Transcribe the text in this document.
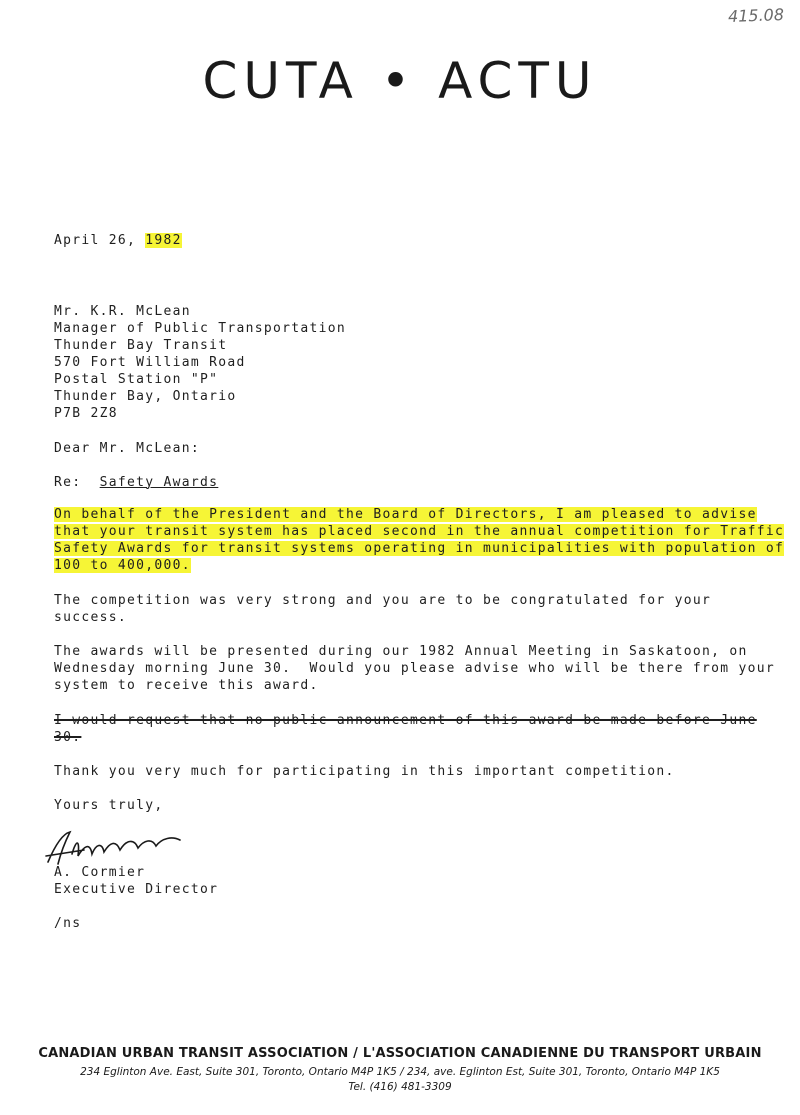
415.08
CUTA • ACTU
April 26, 1982
Mr. K.R. McLean
Manager of Public Transportation
Thunder Bay Transit
570 Fort William Road
Postal Station "P"
Thunder Bay, Ontario
P7B 2Z8
Dear Mr. McLean:
Re: Safety Awards
On behalf of the President and the Board of Directors, I am pleased to advise
that your transit system has placed second in the annual competition for Traffic
Safety Awards for transit systems operating in municipalities with population of
100 to 400,000.
The competition was very strong and you are to be congratulated for your
success.
The awards will be presented during our 1982 Annual Meeting in Saskatoon, on
Wednesday morning June 30.  Would you please advise who will be there from your
system to receive this award.
I would request that no public announcement of this award be made before June
30.
Thank you very much for participating in this important competition.
Yours truly,
A. Cormier
Executive Director
/ns
CANADIAN URBAN TRANSIT ASSOCIATION / L'ASSOCIATION CANADIENNE DU TRANSPORT URBAIN
234 Eglinton Ave. East, Suite 301, Toronto, Ontario M4P 1K5 / 234, ave. Eglinton Est, Suite 301, Toronto, Ontario M4P 1K5
Tel. (416) 481-3309
